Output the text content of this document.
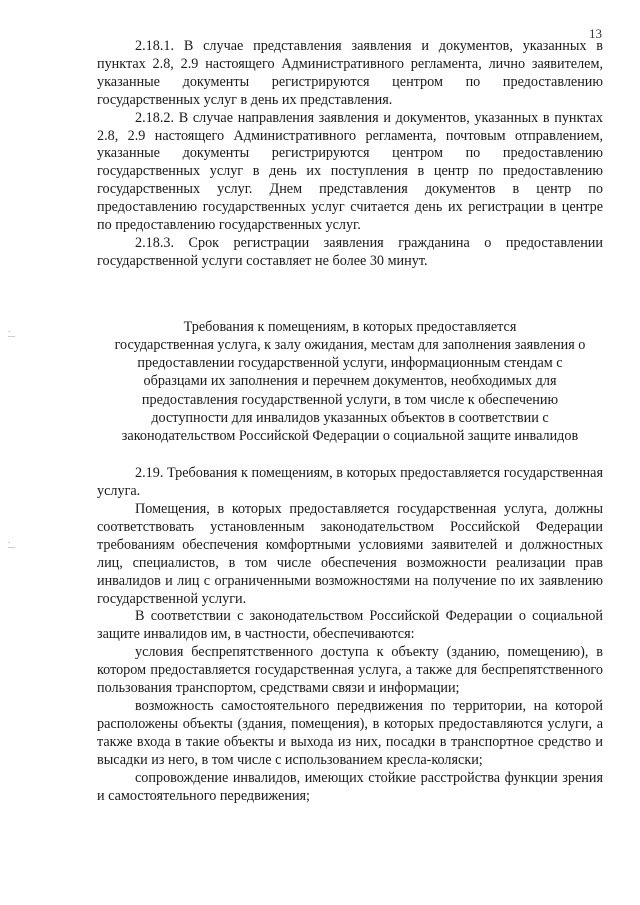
13
․
—
․
—

2.18.1. В случае представления заявления и документов, указанных в пунктах 2.8, 2.9 настоящего Административного регламента, лично заявителем, указанные документы регистрируются центром по предоставлению государственных услуг в день их представления.

2.18.2. В случае направления заявления и документов, указанных в пунктах 2.8, 2.9 настоящего Административного регламента, почтовым отправлением, указанные документы регистрируются центром по предоставлению государственных услуг в день их поступления в центр по предоставлению государственных услуг. Днем представления документов в центр по предоставлению государственных услуг считается день их регистрации в центре по предоставлению государственных услуг.

2.18.3. Срок регистрации заявления гражданина о предоставлении государственной услуги составляет не более 30 минут.

Требования к помещениям, в которых предоставляется
государственная услуга, к залу ожидания, местам для заполнения заявления о
предоставлении государственной услуги, информационным стендам с
образцами их заполнения и перечнем документов, необходимых для
предоставления государственной услуги, в том числе к обеспечению
доступности для инвалидов указанных объектов в соответствии с
законодательством Российской Федерации о социальной защите инвалидов

2.19. Требования к помещениям, в которых предоставляется государственная услуга.

Помещения, в которых предоставляется государственная услуга, должны соответствовать установленным законодательством Российской Федерации требованиям обеспечения комфортными условиями заявителей и должностных лиц, специалистов, в том числе обеспечения возможности реализации прав инвалидов и лиц с ограниченными возможностями на получение по их заявлению государственной услуги.

В соответствии с законодательством Российской Федерации о социальной защите инвалидов им, в частности, обеспечиваются:

условия беспрепятственного доступа к объекту (зданию, помещению), в котором предоставляется государственная услуга, а также для беспрепятственного пользования транспортом, средствами связи и информации;

возможность самостоятельного передвижения по территории, на которой расположены объекты (здания, помещения), в которых предоставляются услуги, а также входа в такие объекты и выхода из них, посадки в транспортное средство и высадки из него, в том числе с использованием кресла-коляски;

сопровождение инвалидов, имеющих стойкие расстройства функции зрения и самостоятельного передвижения;
